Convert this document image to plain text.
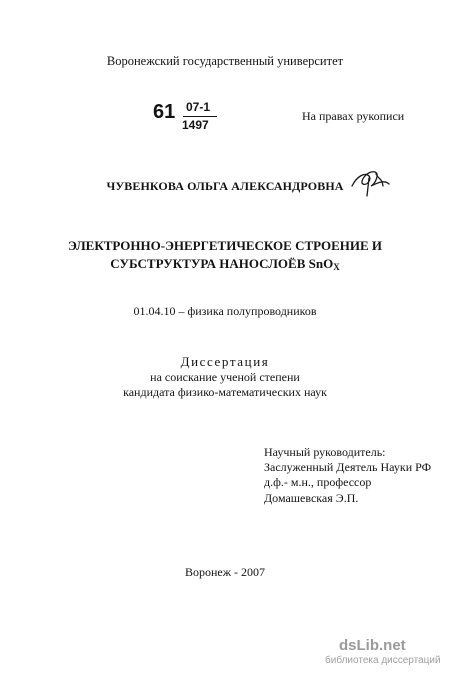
Воронежский государственный университет
61 07-1
1497
На правах рукописи
ЧУВЕНКОВА ОЛЬГА АЛЕКСАНДРОВНА
ЭЛЕКТРОННО-ЭНЕРГЕТИЧЕСКОЕ СТРОЕНИЕ И
СУБСТРУКТУРА НАНОСЛОЁВ SnO$_X$
01.04.10 – физика полупроводников
Диссертация
на соискание ученой степени
кандидата физико-математических наук
Научный руководитель:
Заслуженный Деятель Науки РФ
д.ф.- м.н., профессор
Домашевская Э.П.
Воронеж - 2007
dsLib.net
библиотека диссертаций
